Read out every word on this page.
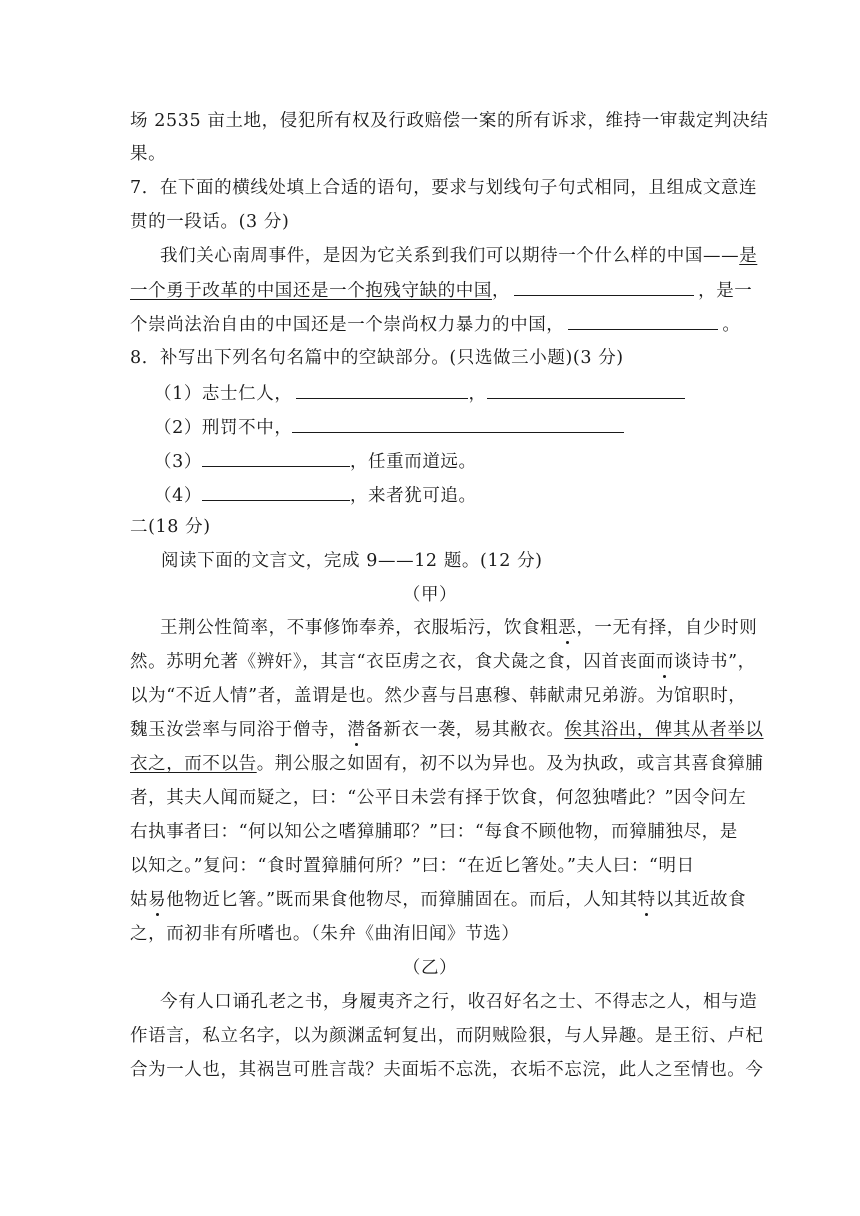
场 2535 亩土地，侵犯所有权及行政赔偿一案的所有诉求，维持一审裁定判决结
果。
7．在下面的横线处填上合适的语句，要求与划线句子句式相同，且组成文意连
贯的一段话。(3 分)
我们关心南周事件，是因为它关系到我们可以期待一个什么样的中国——是
一个勇于改革的中国还是一个抱残守缺的中国，	，是一
个崇尚法治自由的中国还是一个崇尚权力暴力的中国，	。
8．补写出下列名句名篇中的空缺部分。(只选做三小题)(3 分)
（1）志士仁人，	，
（2）刑罚不中，
（3）	，任重而道远。
（4）	，来者犹可追。
二(18 分)
阅读下面的文言文，完成 9——12 题。(12 分)
（甲）
王荆公性简率，不事修饰奉养，衣服垢污，饮食粗恶，一无有择，自少时则
然。苏明允著《辨奸》，其言“衣臣虏之衣，食犬彘之食，囚首丧面而谈诗书”，
以为“不近人情”者，盖谓是也。然少喜与吕惠穆、韩献肃兄弟游。为馆职时，
魏玉汝尝率与同浴于僧寺，潜备新衣一袭，易其敝衣。俟其浴出，俾其从者举以
衣之，而不以告。荆公服之如固有，初不以为异也。及为执政，或言其喜食獐脯
者，其夫人闻而疑之，曰：“公平日未尝有择于饮食，何忽独嗜此？”因令问左
右执事者曰：“何以知公之嗜獐脯耶？”曰：“每食不顾他物，而獐脯独尽，是
以知之。”复问：“食时置獐脯何所？”曰：“在近匕箸处。”夫人曰：“明日
姑易他物近匕箸。”既而果食他物尽，而獐脯固在。而后，人知其特以其近故食
之，而初非有所嗜也。（朱弁《曲洧旧闻》节选）
（乙）
今有人口诵孔老之书，身履夷齐之行，收召好名之士、不得志之人，相与造
作语言，私立名字，以为颜渊孟轲复出，而阴贼险狠，与人异趣。是王衍、卢杞
合为一人也，其祸岂可胜言哉？夫面垢不忘洗，衣垢不忘浣，此人之至情也。今
